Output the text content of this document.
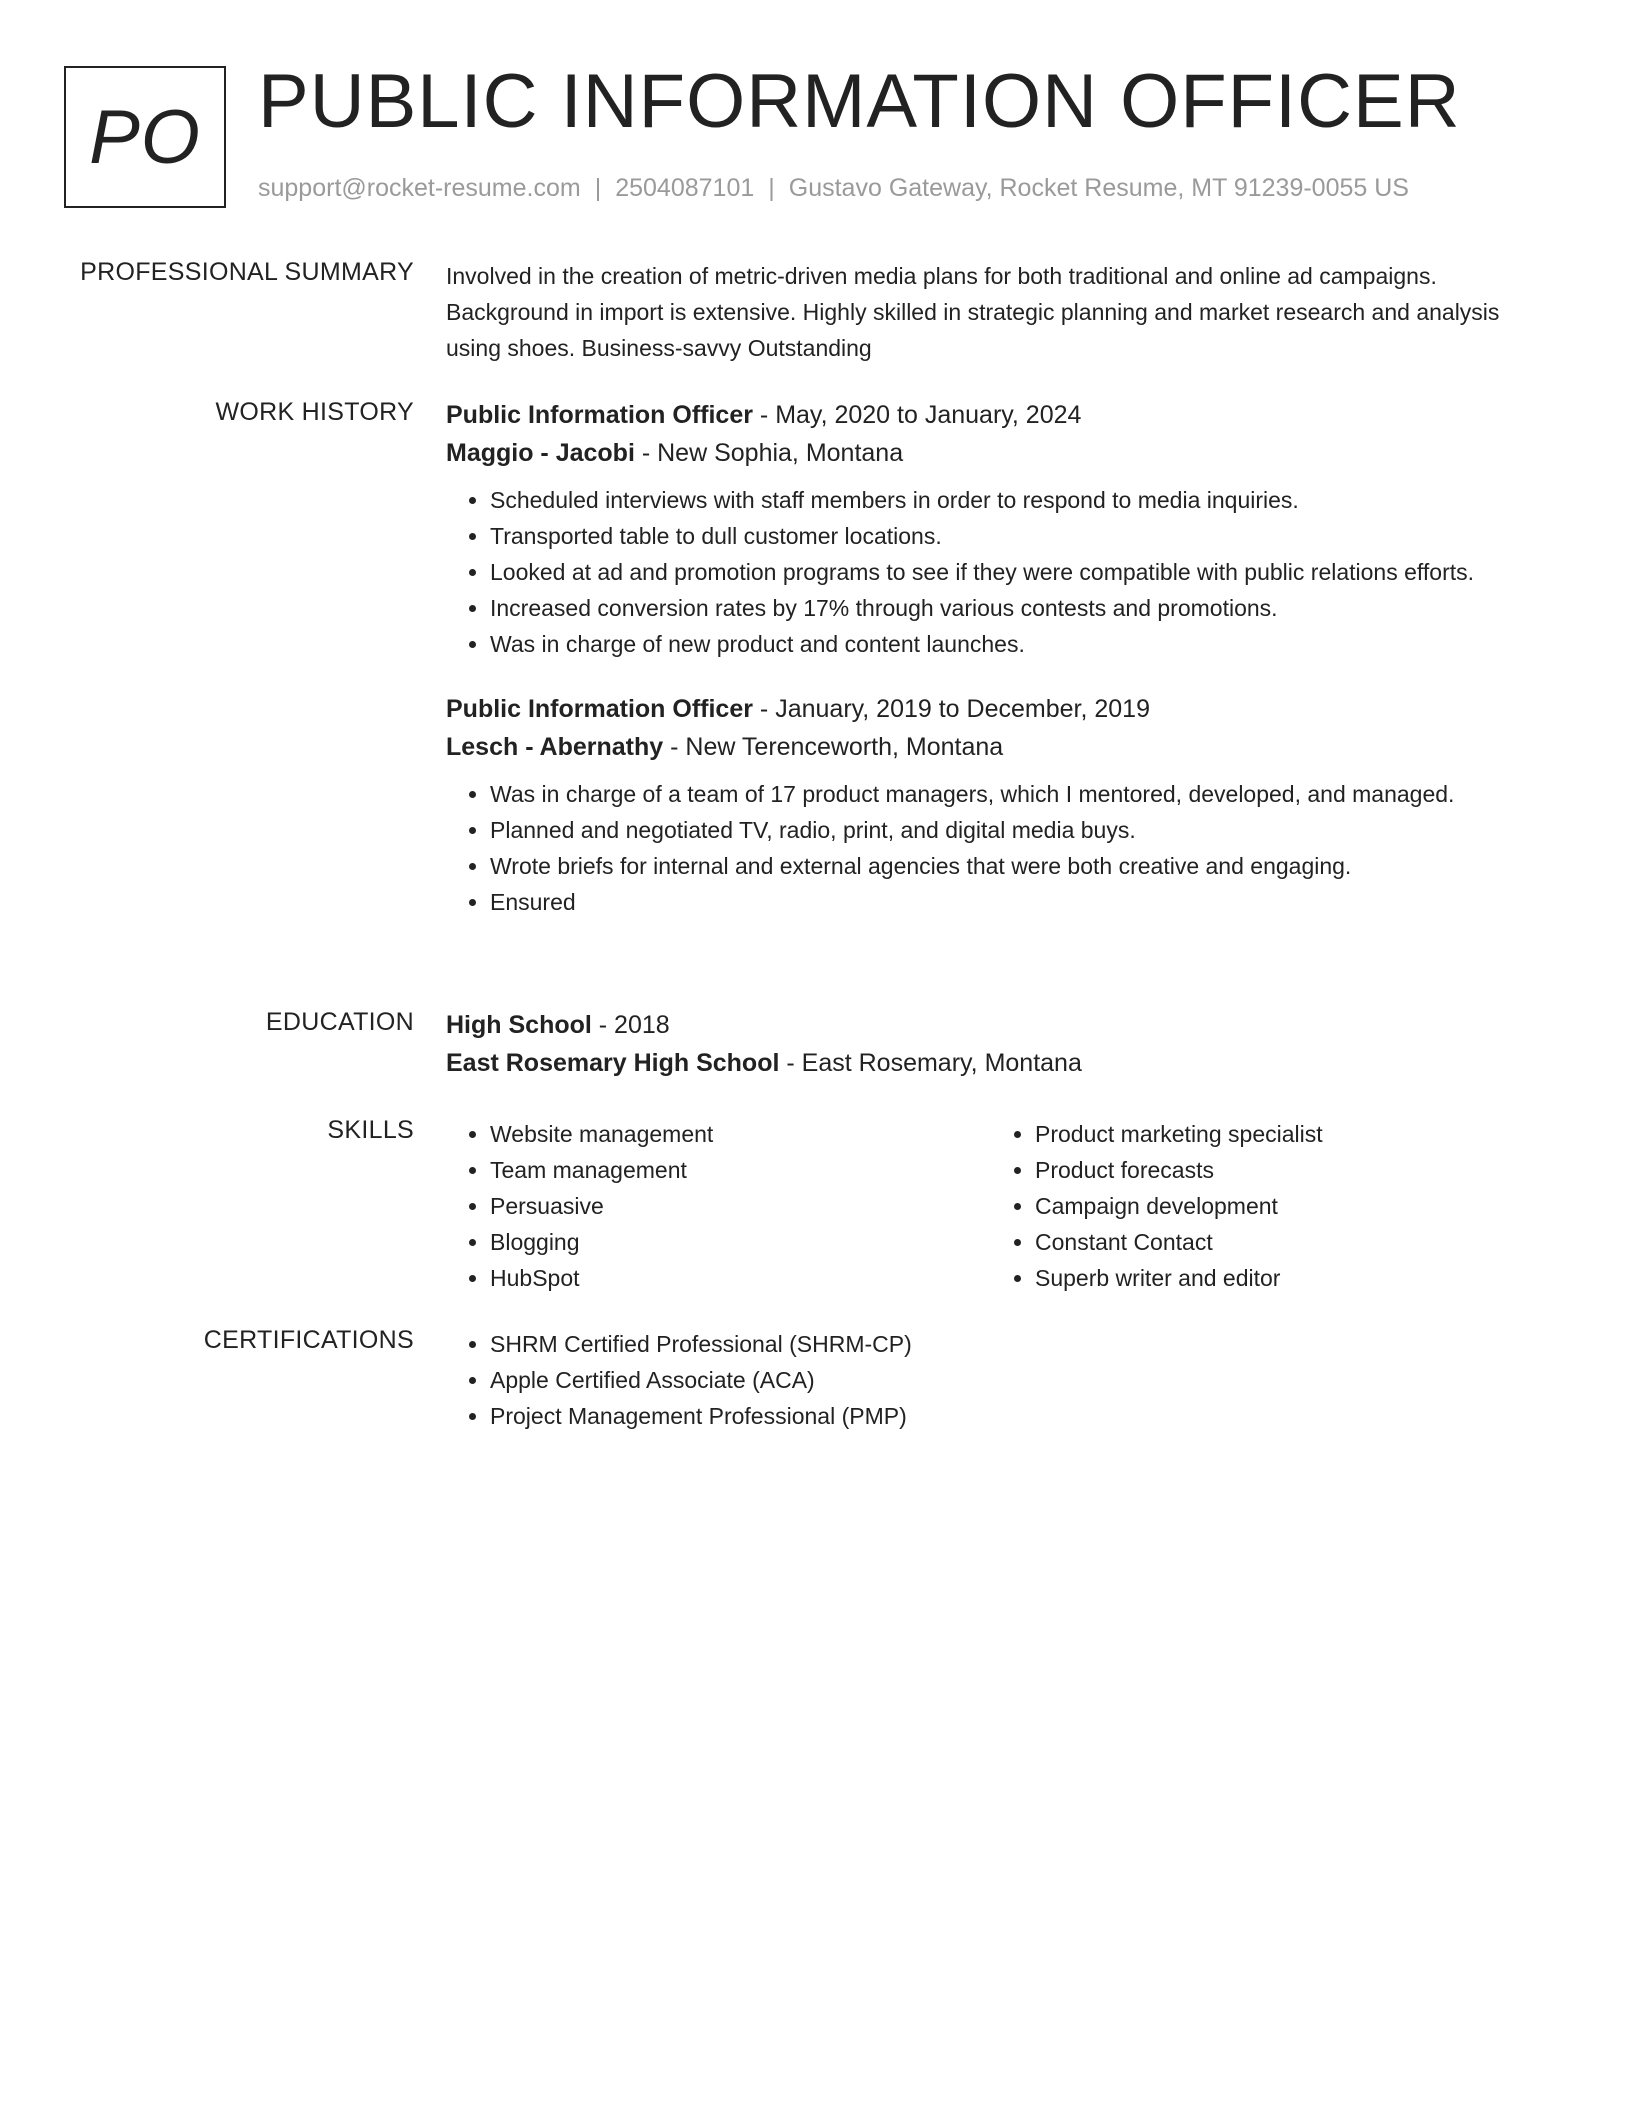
PO PUBLIC INFORMATION OFFICER
support@rocket-resume.com | 2504087101 | Gustavo Gateway, Rocket Resume, MT 91239-0055 US
PROFESSIONAL SUMMARY Involved in the creation of metric-driven media plans for both traditional and online ad campaigns. Background in import is extensive. Highly skilled in strategic planning and market research and analysis using shoes. Business-savvy Outstanding

WORK HISTORY Public Information Officer - May, 2020 to January, 2024
Maggio - Jacobi - New Sophia, Montana
• Scheduled interviews with staff members in order to respond to media inquiries.
• Transported table to dull customer locations.
• Looked at ad and promotion programs to see if they were compatible with public relations efforts.
• Increased conversion rates by 17% through various contests and promotions.
• Was in charge of new product and content launches.
Public Information Officer - January, 2019 to December, 2019
Lesch - Abernathy - New Terenceworth, Montana
• Was in charge of a team of 17 product managers, which I mentored, developed, and managed.
• Planned and negotiated TV, radio, print, and digital media buys.
• Wrote briefs for internal and external agencies that were both creative and engaging.
• Ensured
EDUCATION High School - 2018
East Rosemary High School - East Rosemary, Montana
SKILLS	• Website management
• Team management
• Persuasive
• Blogging
• HubSpot
• Product marketing specialist
• Product forecasts
• Campaign development
• Constant Contact
• Superb writer and editor
CERTIFICATIONS	• SHRM Certified Professional (SHRM-CP)
• Apple Certified Associate (ACA)
• Project Management Professional (PMP)
